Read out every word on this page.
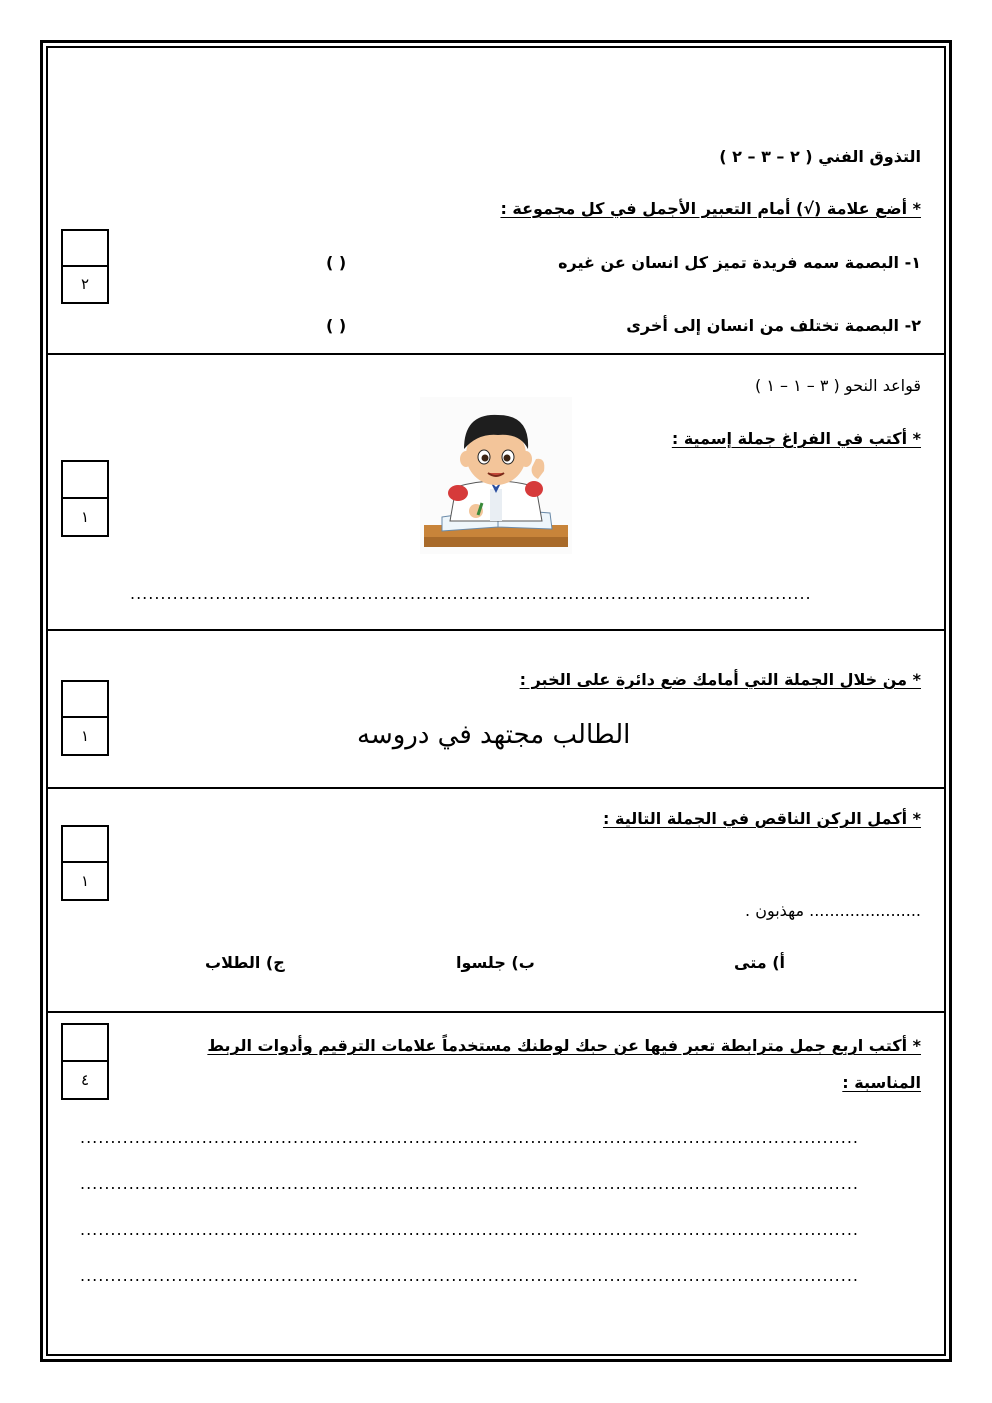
التذوق الفني ( ٢ – ٣ – ٢ )
* أضع علامة (√) أمام التعبير الأجمل في كل مجموعة :
١- البصمة سمه فريدة تميز كل انسان عن غيره
( )
٢- البصمة تختلف من انسان إلى أخرى
( )
٢
قواعد النحو ( ٣ – ١ – ١ )
* أكتب في الفراغ جملة إسمية :
................................................................................................................
١
* من خلال الجملة التي أمامك ضع دائرة على الخبر :
الطالب مجتهد في دروسه
١
* أكمل الركن الناقص في الجملة التالية :
...................... مهذبون .
أ) متى
ب) جلسوا
ج) الطلاب
١
* أكتب اربع جمل مترابطة تعبر فيها عن حبك لوطنك مستخدماً علامات الترقيم وأدوات الربط
المناسبة :
................................................................................................................................
................................................................................................................................
................................................................................................................................
................................................................................................................................
٤
